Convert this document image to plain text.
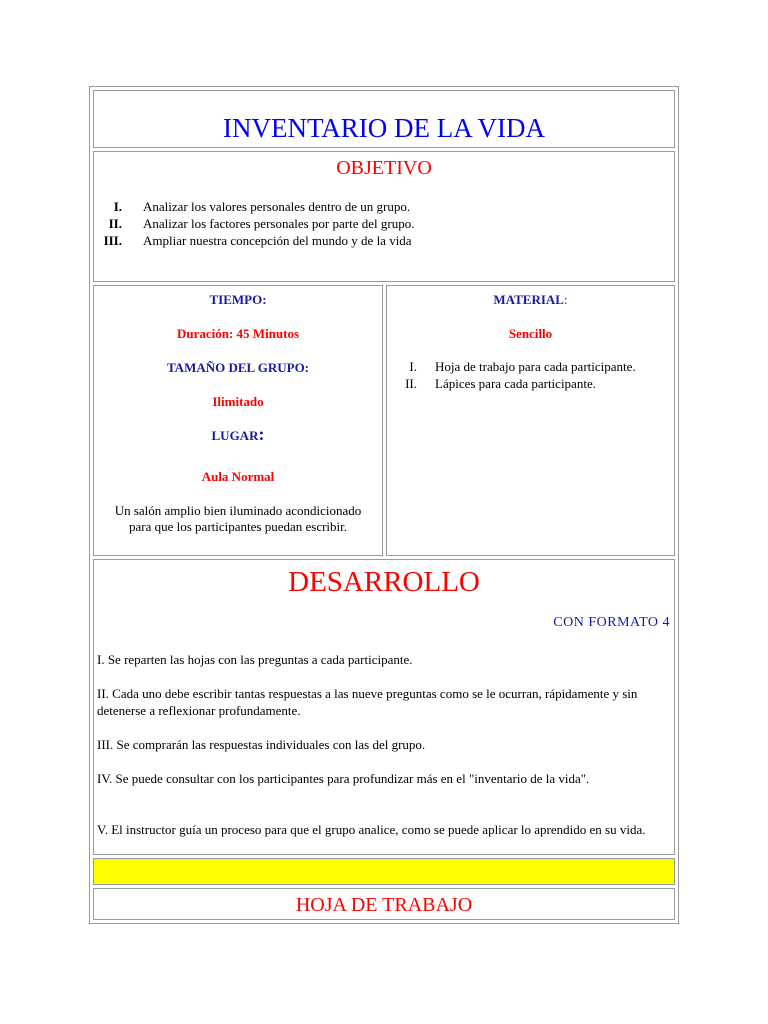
INVENTARIO DE LA VIDA
OBJETIVO
I. Analizar los valores personales dentro de un grupo.
II. Analizar los factores personales por parte del grupo.
III. Ampliar nuestra concepción del mundo y de la vida
TIEMPO:
Duración: 45 Minutos
TAMAÑO DEL GRUPO:
Ilimitado
LUGAR:
Aula Normal
Un salón amplio bien iluminado acondicionado para que los participantes puedan escribir.
MATERIAL:
Sencillo
I. Hoja de trabajo para cada participante.
II. Lápices para cada participante.
DESARROLLO
CON FORMATO 4
I. Se reparten las hojas con las preguntas a cada participante.
II. Cada uno debe escribir tantas respuestas a las nueve preguntas como se le ocurran, rápidamente y sin detenerse a reflexionar profundamente.
III. Se comprarán las respuestas individuales con las del grupo.
IV. Se puede consultar con los participantes para profundizar más en el "inventario de la vida".
V. El instructor guía un proceso para que el grupo analice, como se puede aplicar lo aprendido en su vida.
HOJA DE TRABAJO
